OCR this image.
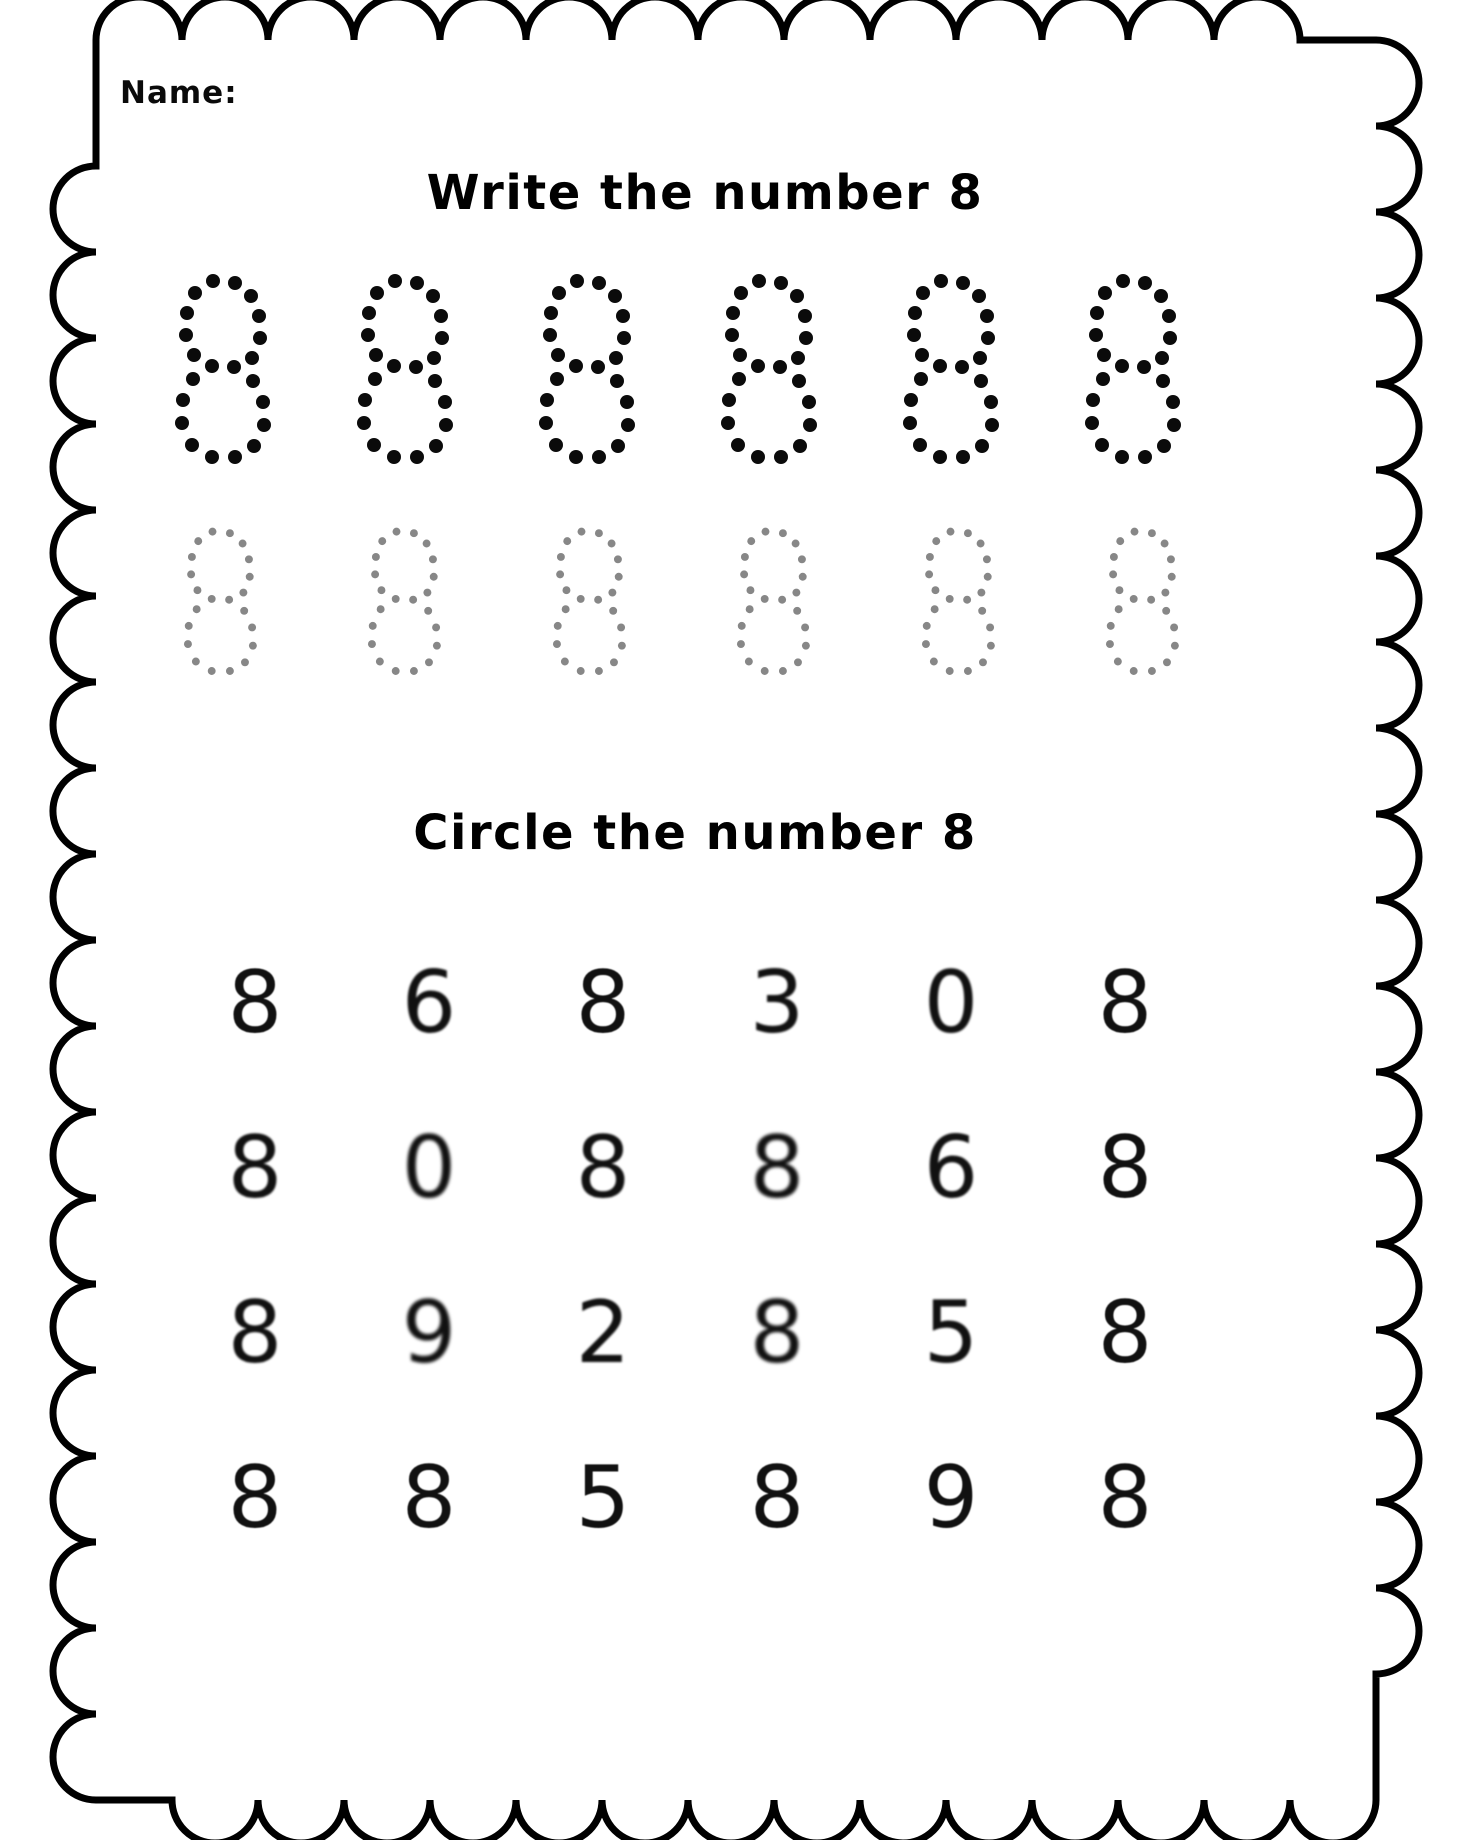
Name:
Write the number 8
Circle the number 8
8	6	8	3	0	8
8	0	8	8	6	8
8	9	2	8	5	8
8	8	5	8	9	8
